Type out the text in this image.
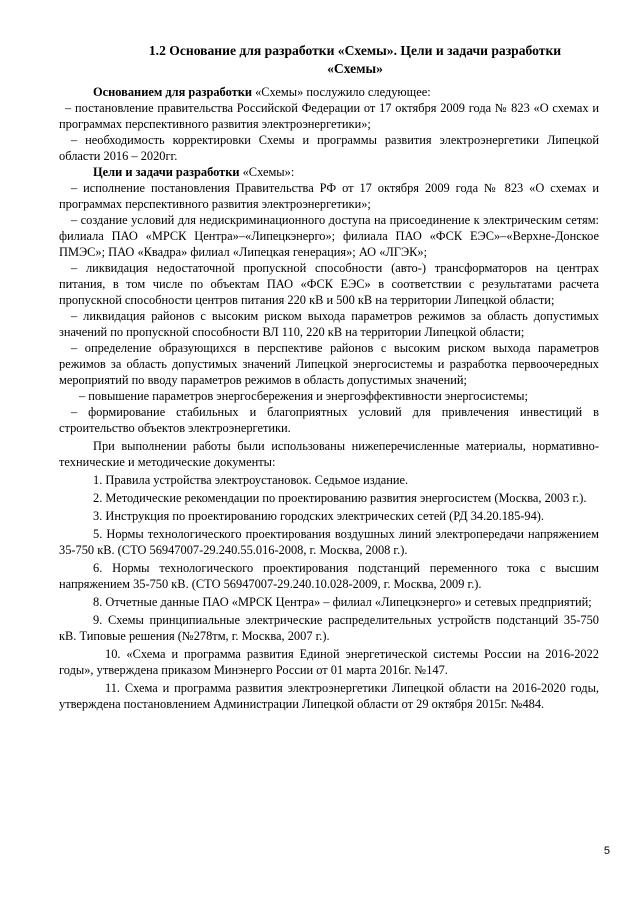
1.2 Основание для разработки «Схемы». Цели и задачи разработки
«Схемы»

Основанием для разработки «Схемы» послужило следующее:

– постановление правительства Российской Федерации от 17 октября 2009 года № 823 «О схемах и программах перспективного развития электроэнергетики»;

– необходимость корректировки Схемы и программы развития электроэнергетики Липецкой области 2016 – 2020гг.

Цели и задачи разработки «Схемы»:

– исполнение постановления Правительства РФ от 17 октября 2009 года № 823 «О схемах и программах перспективного развития электроэнергетики»;

– создание условий для недискриминационного доступа на присоединение к электрическим сетям: филиала ПАО «МРСК Центра»–«Липецкэнерго»; филиала ПАО «ФСК ЕЭС»–«Верхне-Донское ПМЭС»; ПАО «Квадра» филиал «Липецкая генерация»; АО «ЛГЭК»;

– ликвидация недостаточной пропускной способности (авто-) трансформаторов на центрах питания, в том числе по объектам ПАО «ФСК ЕЭС» в соответствии с результатами расчета пропускной способности центров питания 220 кВ и 500 кВ на территории Липецкой области;

– ликвидация районов с высоким риском выхода параметров режимов за область допустимых значений по пропускной способности ВЛ 110, 220 кВ на территории Липецкой области;

– определение образующихся в перспективе районов с высоким риском выхода параметров режимов за область допустимых значений Липецкой энергосистемы и разработка первоочередных мероприятий по вводу параметров режимов в область допустимых значений;

– повышение параметров энергосбережения и энергоэффективности энергосистемы;

– формирование стабильных и благоприятных условий для привлечения инвестиций в строительство объектов электроэнергетики.

При выполнении работы были использованы нижеперечисленные материалы, нормативно-технические и методические документы:

1. Правила устройства электроустановок. Седьмое издание.

2. Методические рекомендации по проектированию развития энергосистем (Москва, 2003 г.).

3. Инструкция по проектированию городских электрических сетей (РД 34.20.185-94).

5. Нормы технологического проектирования воздушных линий электропередачи напряжением 35-750 кВ. (СТО 56947007-29.240.55.016-2008, г. Москва, 2008 г.).

6. Нормы технологического проектирования подстанций переменного тока с высшим напряжением 35-750 кВ. (СТО 56947007-29.240.10.028-2009, г. Москва, 2009 г.).

8. Отчетные данные ПАО «МРСК Центра» – филиал «Липецкэнерго» и сетевых предприятий;

9. Схемы принципиальные электрические распределительных устройств подстанций 35-750 кВ. Типовые решения (№278тм, г. Москва, 2007 г.).

10. «Схема и программа развития Единой энергетической системы России на 2016-2022 годы», утверждена приказом Минэнерго России от 01 марта 2016г. №147.

11. Схема и программа развития электроэнергетики Липецкой области на 2016-2020 годы, утверждена постановлением Администрации Липецкой области от 29 октября 2015г. №484.

5
